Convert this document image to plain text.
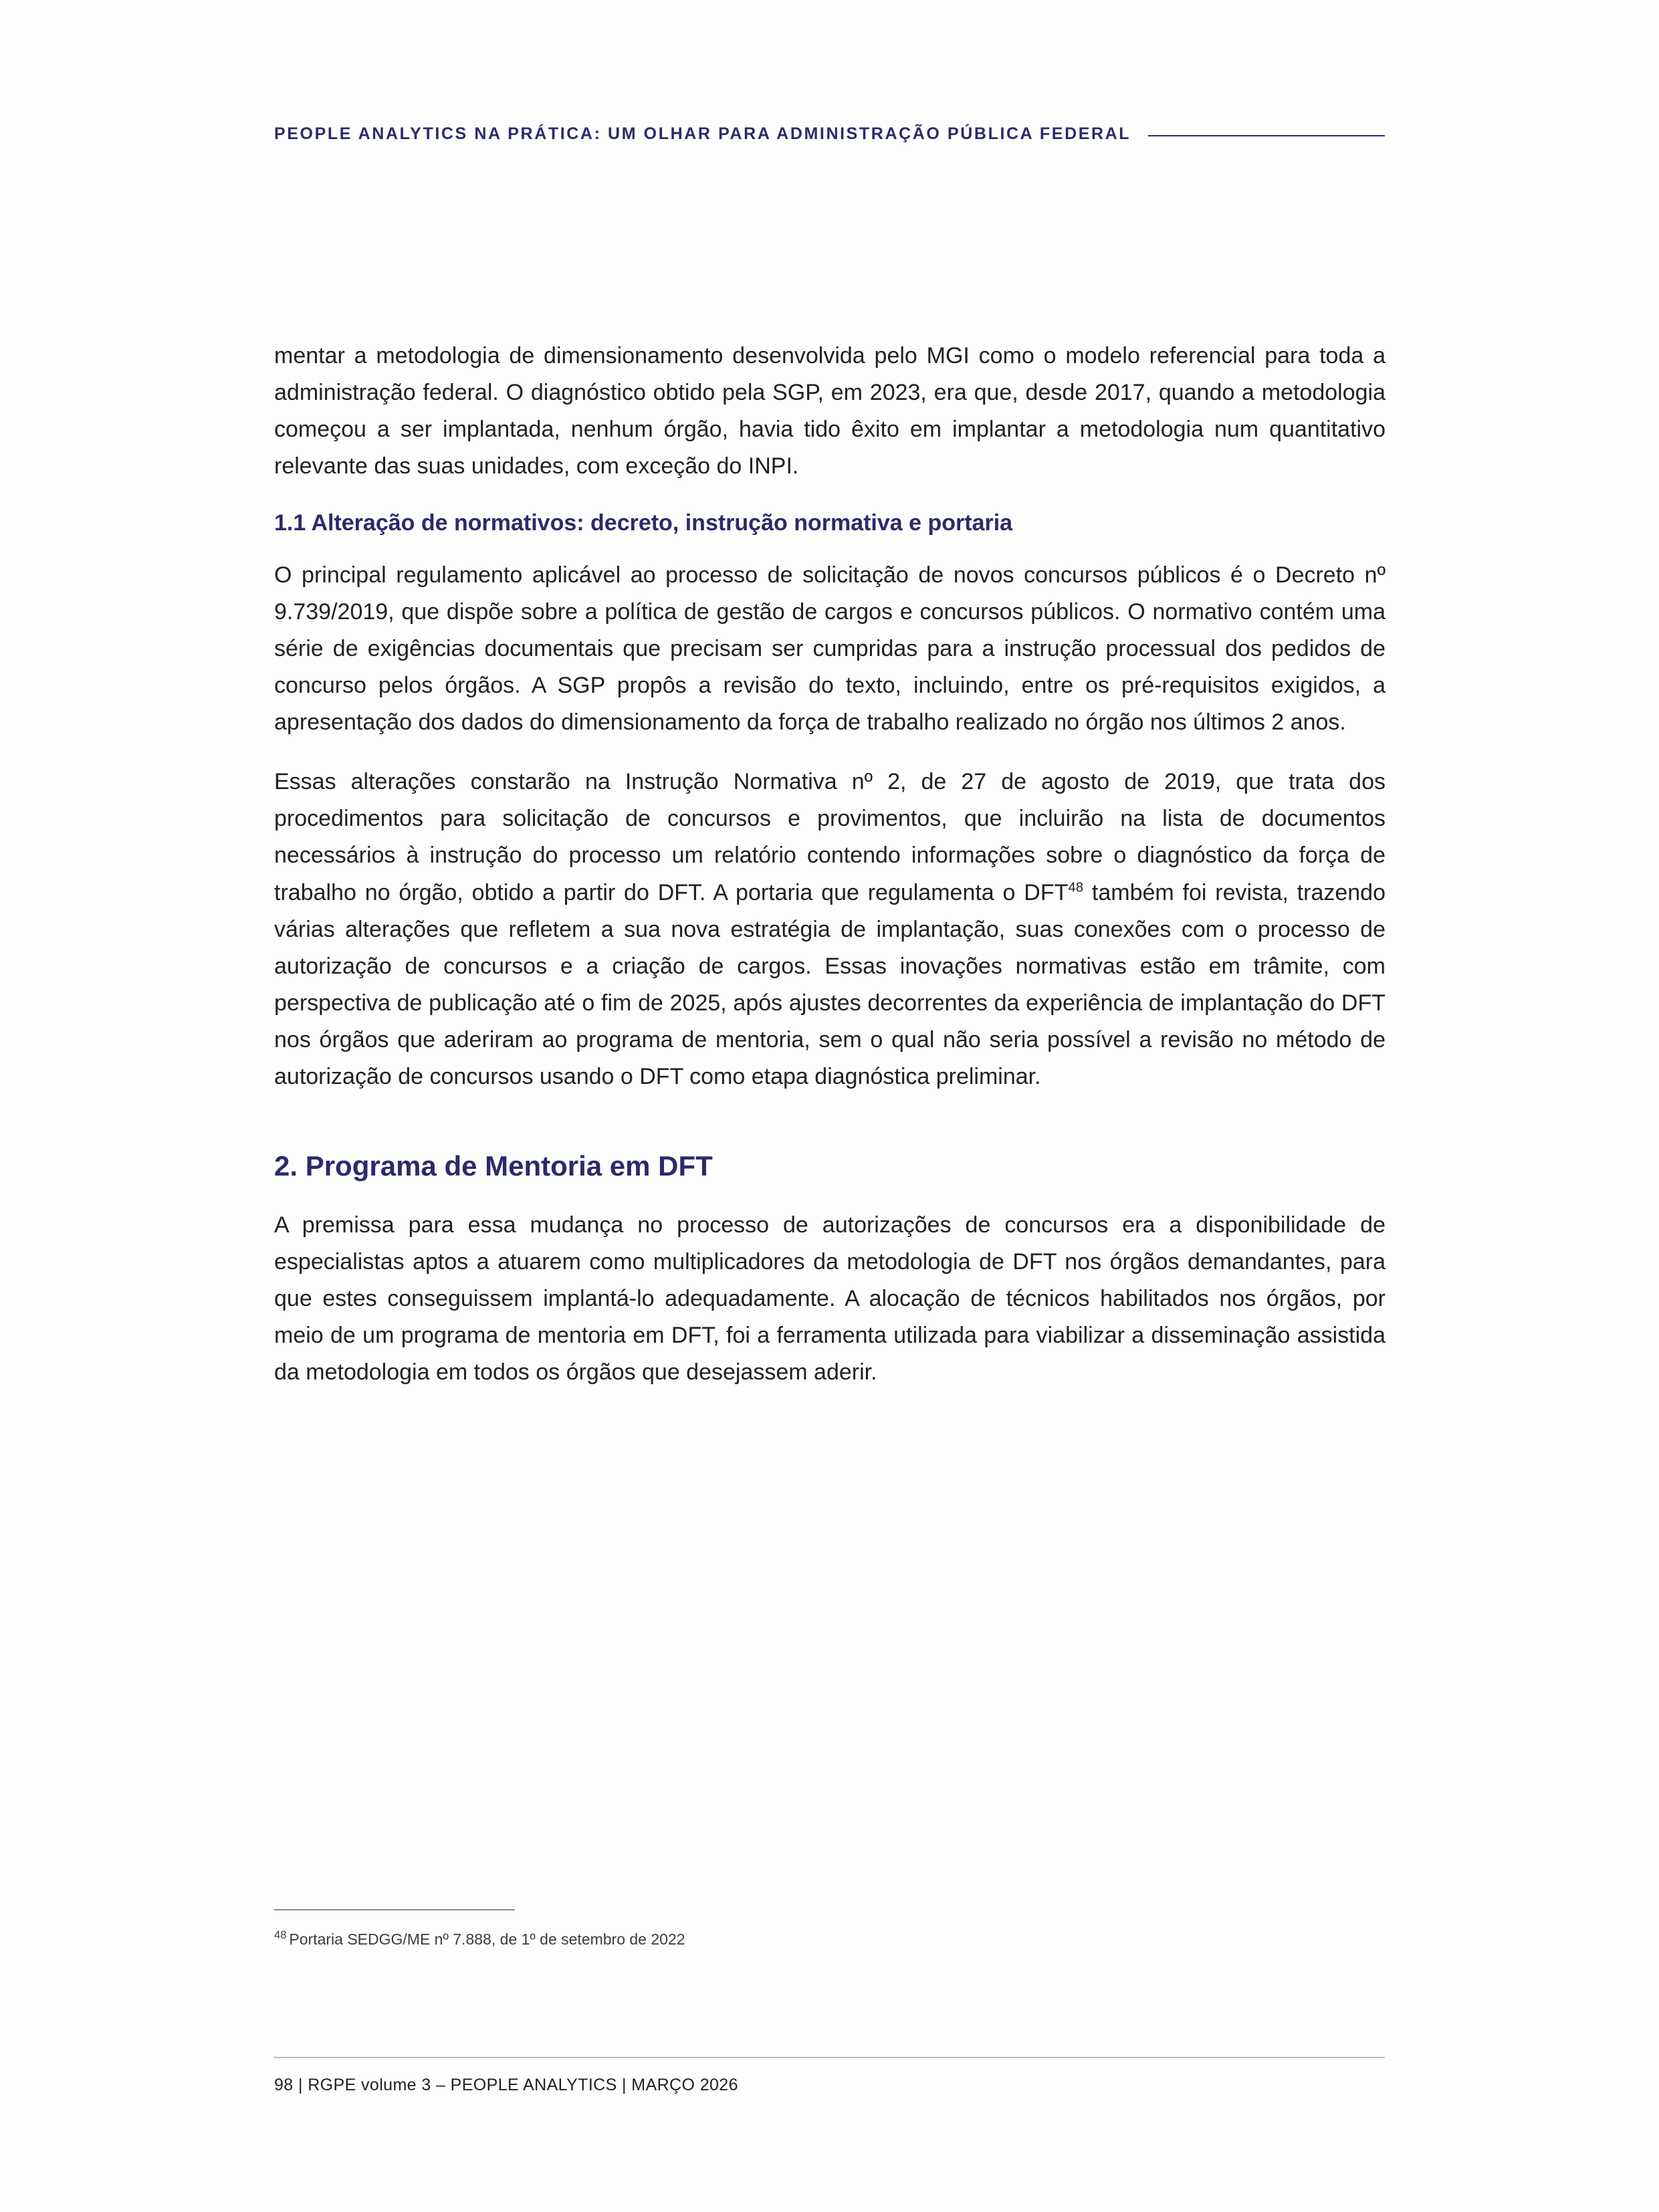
PEOPLE ANALYTICS NA PRÁTICA: UM OLHAR PARA ADMINISTRAÇÃO PÚBLICA FEDERAL

mentar a metodologia de dimensionamento desenvolvida pelo MGI como o modelo referencial para toda a administração federal. O diagnóstico obtido pela SGP, em 2023, era que, desde 2017, quando a metodologia começou a ser implantada, nenhum órgão, havia tido êxito em implantar a metodologia num quantitativo relevante das suas unidades, com exceção do INPI.

1.1 Alteração de normativos: decreto, instrução normativa e portaria

O principal regulamento aplicável ao processo de solicitação de novos concursos públicos é o Decreto nº 9.739/2019, que dispõe sobre a política de gestão de cargos e concursos públicos. O normativo contém uma série de exigências documentais que precisam ser cumpridas para a instrução processual dos pedidos de concurso pelos órgãos. A SGP propôs a revisão do texto, incluindo, entre os pré-requisitos exigidos, a apresentação dos dados do dimensionamento da força de trabalho realizado no órgão nos últimos 2 anos.

Essas alterações constarão na Instrução Normativa nº 2, de 27 de agosto de 2019, que trata dos procedimentos para solicitação de concursos e provimentos, que incluirão na lista de documentos necessários à instrução do processo um relatório contendo informações sobre o diagnóstico da força de trabalho no órgão, obtido a partir do DFT. A portaria que regulamenta o DFT$^{48}$ também foi revista, trazendo várias alterações que refletem a sua nova estratégia de implantação, suas conexões com o processo de autorização de concursos e a criação de cargos. Essas inovações normativas estão em trâmite, com perspectiva de publicação até o fim de 2025, após ajustes decorrentes da experiência de implantação do DFT nos órgãos que aderiram ao programa de mentoria, sem o qual não seria possível a revisão no método de autorização de concursos usando o DFT como etapa diagnóstica preliminar.

2. Programa de Mentoria em DFT

A premissa para essa mudança no processo de autorizações de concursos era a disponibilidade de especialistas aptos a atuarem como multiplicadores da metodologia de DFT nos órgãos demandantes, para que estes conseguissem implantá-lo adequadamente. A alocação de técnicos habilitados nos órgãos, por meio de um programa de mentoria em DFT, foi a ferramenta utilizada para viabilizar a disseminação assistida da metodologia em todos os órgãos que desejassem aderir.

$^{48}$ Portaria SEDGG/ME nº 7.888, de 1º de setembro de 2022
98 | RGPE volume 3 – PEOPLE ANALYTICS | MARÇO 2026
